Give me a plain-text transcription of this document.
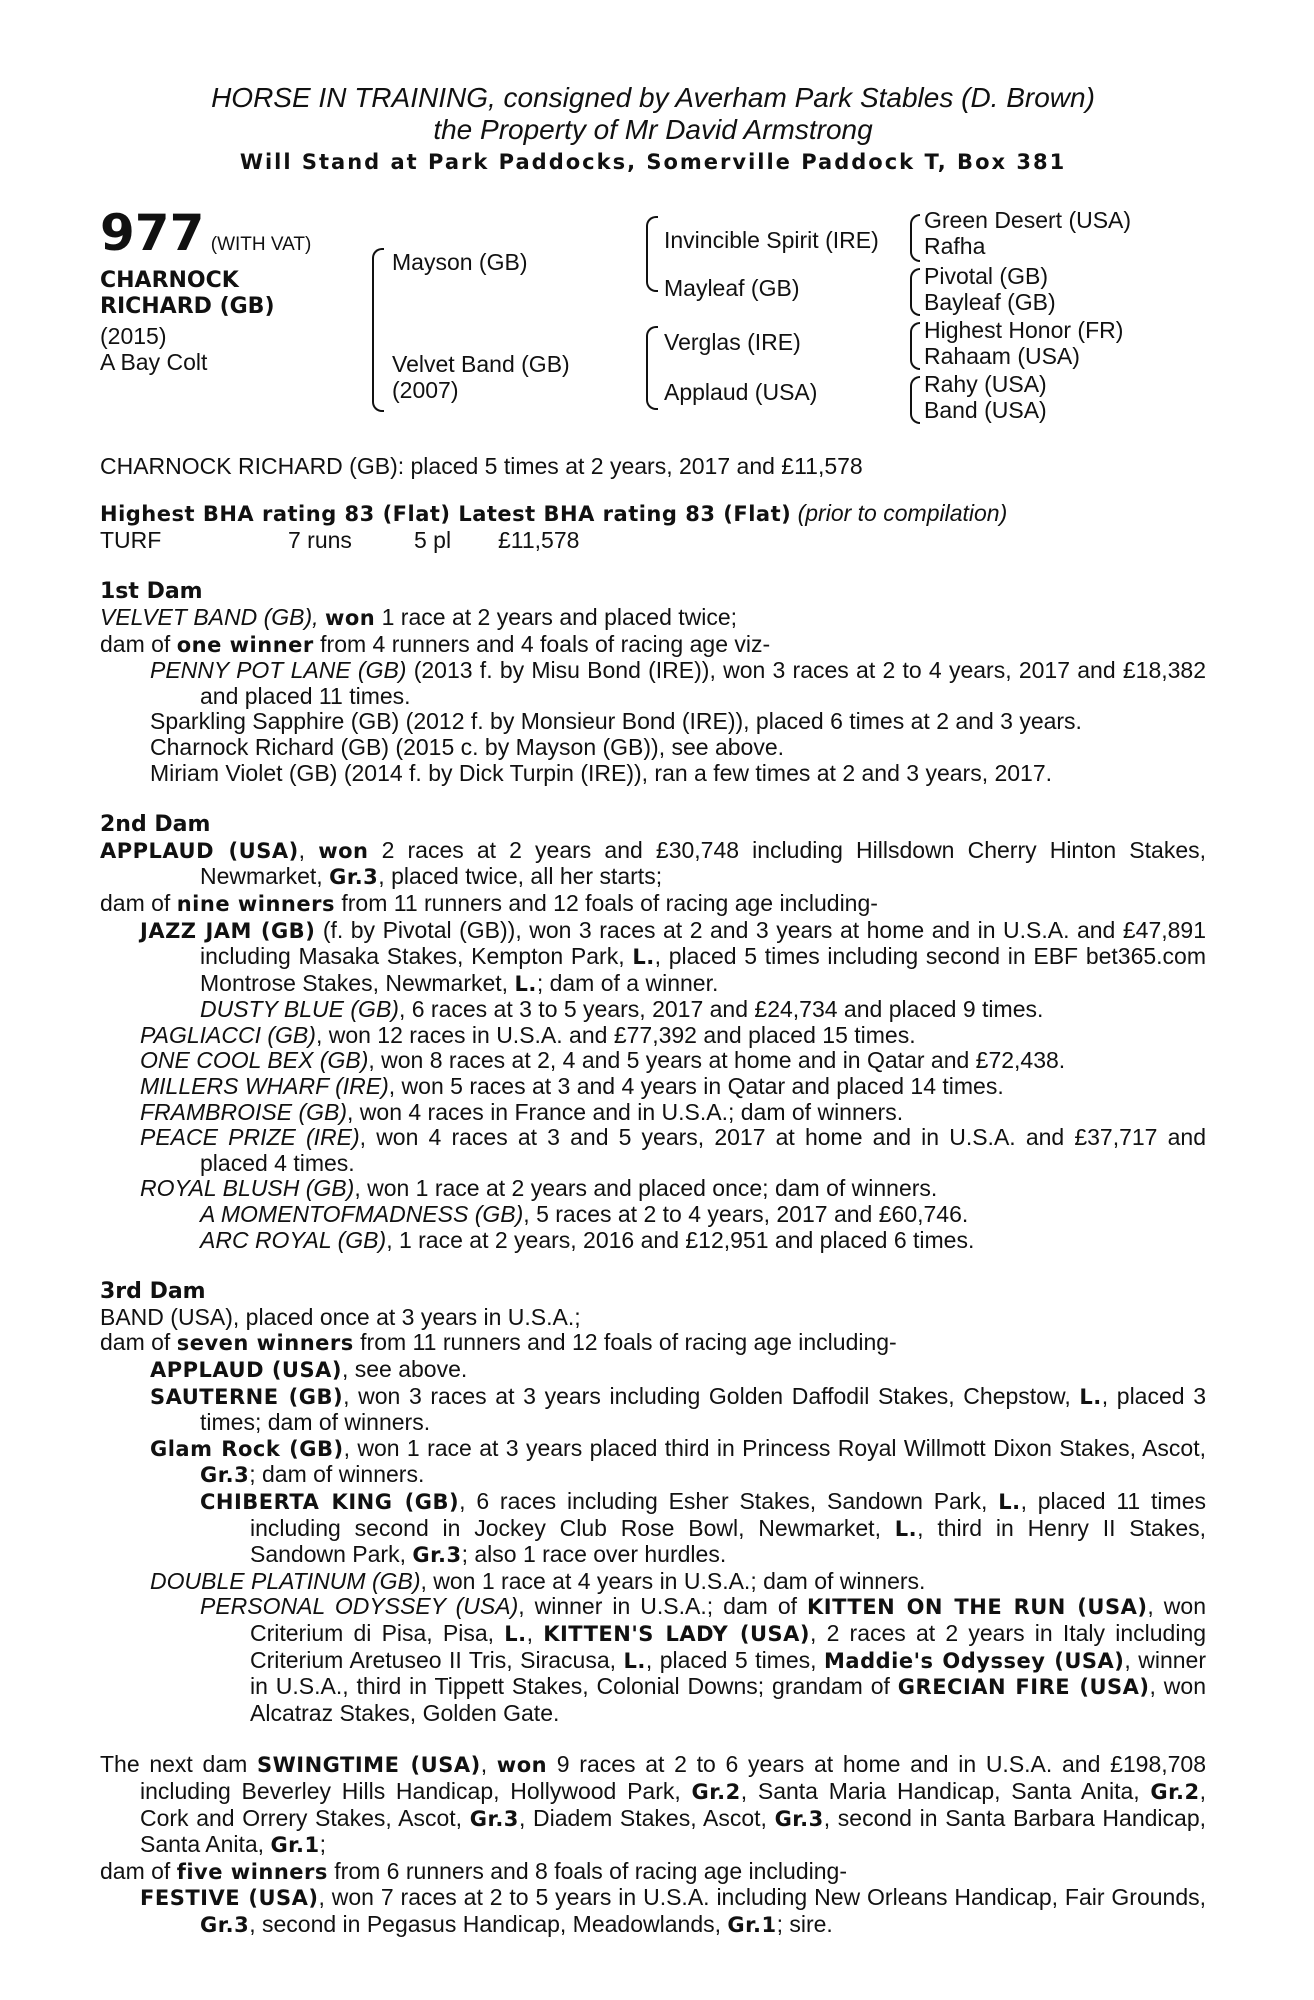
HORSE IN TRAINING, consigned by Averham Park Stables (D. Brown)
the Property of Mr David Armstrong
Will Stand at Park Paddocks, Somerville Paddock T, Box 381
977 (WITH VAT)
CHARNOCK
RICHARD (GB)
(2015)
A Bay Colt
Mayson (GB)
Velvet Band (GB)
(2007)
Invincible Spirit (IRE)
Mayleaf (GB)
Verglas (IRE)
Applaud (USA)
Green Desert (USA)
Rafha
Pivotal (GB)
Bayleaf (GB)
Highest Honor (FR)
Rahaam (USA)
Rahy (USA)
Band (USA)
CHARNOCK RICHARD (GB): placed 5 times at 2 years, 2017 and £11,578
Highest BHA rating 83 (Flat) Latest BHA rating 83 (Flat) (prior to compilation)
TURF	7 runs	5 pl £11,578
1st Dam
VELVET BAND (GB), won 1 race at 2 years and placed twice;
dam of one winner from 4 runners and 4 foals of racing age viz-
PENNY POT LANE (GB) (2013 f. by Misu Bond (IRE)), won 3 races at 2 to 4 years, 2017 and £18,382 and placed 11 times.
Sparkling Sapphire (GB) (2012 f. by Monsieur Bond (IRE)), placed 6 times at 2 and 3 years.
Charnock Richard (GB) (2015 c. by Mayson (GB)), see above.
Miriam Violet (GB) (2014 f. by Dick Turpin (IRE)), ran a few times at 2 and 3 years, 2017.
2nd Dam
APPLAUD (USA), won 2 races at 2 years and £30,748 including Hillsdown Cherry Hinton Stakes, Newmarket, Gr.3, placed twice, all her starts;
dam of nine winners from 11 runners and 12 foals of racing age including-
JAZZ JAM (GB) (f. by Pivotal (GB)), won 3 races at 2 and 3 years at home and in U.S.A. and £47,891 including Masaka Stakes, Kempton Park, L., placed 5 times including second in EBF bet365.com Montrose Stakes, Newmarket, L.; dam of a winner.
DUSTY BLUE (GB), 6 races at 3 to 5 years, 2017 and £24,734 and placed 9 times.
PAGLIACCI (GB), won 12 races in U.S.A. and £77,392 and placed 15 times.
ONE COOL BEX (GB), won 8 races at 2, 4 and 5 years at home and in Qatar and £72,438.
MILLERS WHARF (IRE), won 5 races at 3 and 4 years in Qatar and placed 14 times.
FRAMBROISE (GB), won 4 races in France and in U.S.A.; dam of winners.
PEACE PRIZE (IRE), won 4 races at 3 and 5 years, 2017 at home and in U.S.A. and £37,717 and placed 4 times.
ROYAL BLUSH (GB), won 1 race at 2 years and placed once; dam of winners.
A MOMENTOFMADNESS (GB), 5 races at 2 to 4 years, 2017 and £60,746.
ARC ROYAL (GB), 1 race at 2 years, 2016 and £12,951 and placed 6 times.
3rd Dam
BAND (USA), placed once at 3 years in U.S.A.;
dam of seven winners from 11 runners and 12 foals of racing age including-
APPLAUD (USA), see above.
SAUTERNE (GB), won 3 races at 3 years including Golden Daffodil Stakes, Chepstow, L., placed 3 times; dam of winners.
Glam Rock (GB), won 1 race at 3 years placed third in Princess Royal Willmott Dixon Stakes, Ascot, Gr.3; dam of winners.
CHIBERTA KING (GB), 6 races including Esher Stakes, Sandown Park, L., placed 11 times including second in Jockey Club Rose Bowl, Newmarket, L., third in Henry II Stakes, Sandown Park, Gr.3; also 1 race over hurdles.
DOUBLE PLATINUM (GB), won 1 race at 4 years in U.S.A.; dam of winners.
PERSONAL ODYSSEY (USA), winner in U.S.A.; dam of KITTEN ON THE RUN (USA), won Criterium di Pisa, Pisa, L., KITTEN'S LADY (USA), 2 races at 2 years in Italy including Criterium Aretuseo II Tris, Siracusa, L., placed 5 times, Maddie's Odyssey (USA), winner in U.S.A., third in Tippett Stakes, Colonial Downs; grandam of GRECIAN FIRE (USA), won Alcatraz Stakes, Golden Gate.
The next dam SWINGTIME (USA), won 9 races at 2 to 6 years at home and in U.S.A. and £198,708 including Beverley Hills Handicap, Hollywood Park, Gr.2, Santa Maria Handicap, Santa Anita, Gr.2, Cork and Orrery Stakes, Ascot, Gr.3, Diadem Stakes, Ascot, Gr.3, second in Santa Barbara Handicap, Santa Anita, Gr.1;
dam of five winners from 6 runners and 8 foals of racing age including-
FESTIVE (USA), won 7 races at 2 to 5 years in U.S.A. including New Orleans Handicap, Fair Grounds, Gr.3, second in Pegasus Handicap, Meadowlands, Gr.1; sire.
